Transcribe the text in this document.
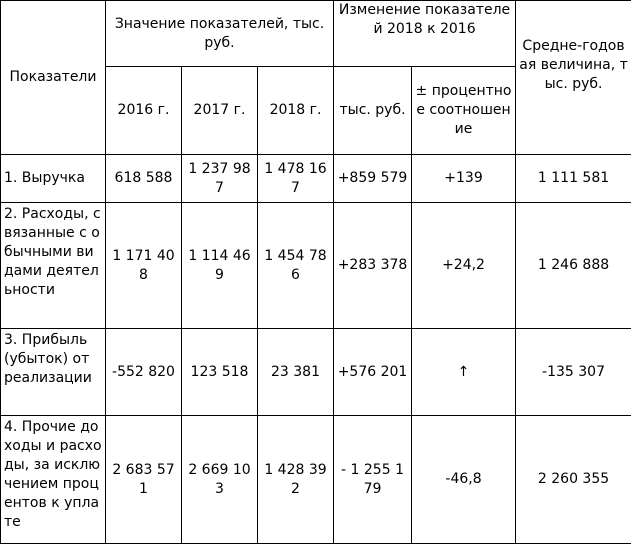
Показатели	Значение показателей, тыс. руб.			Изменение показателей 2018 к 2016		Средне-годовая величина, тыс. руб.
	2016 г.	2017 г.	2018 г.	тыс. руб.	± процентное соотношение	
1. Выручка	618 588	1 237 987	1 478 167	+859 579	+139	1 111 581
2. Расходы, связанные с обычными видами деятельности	1 171 408	1 114 469	1 454 786	+283 378	+24,2	1 246 888
3. Прибыль (убыток) от реализации	-552 820	123 518	23 381	+576 201	↑	-135 307
4. Прочие доходы и расходы, за исключением процентов к уплате	2 683 571	2 669 103	1 428 392	- 1 255 179	-46,8	2 260 355
